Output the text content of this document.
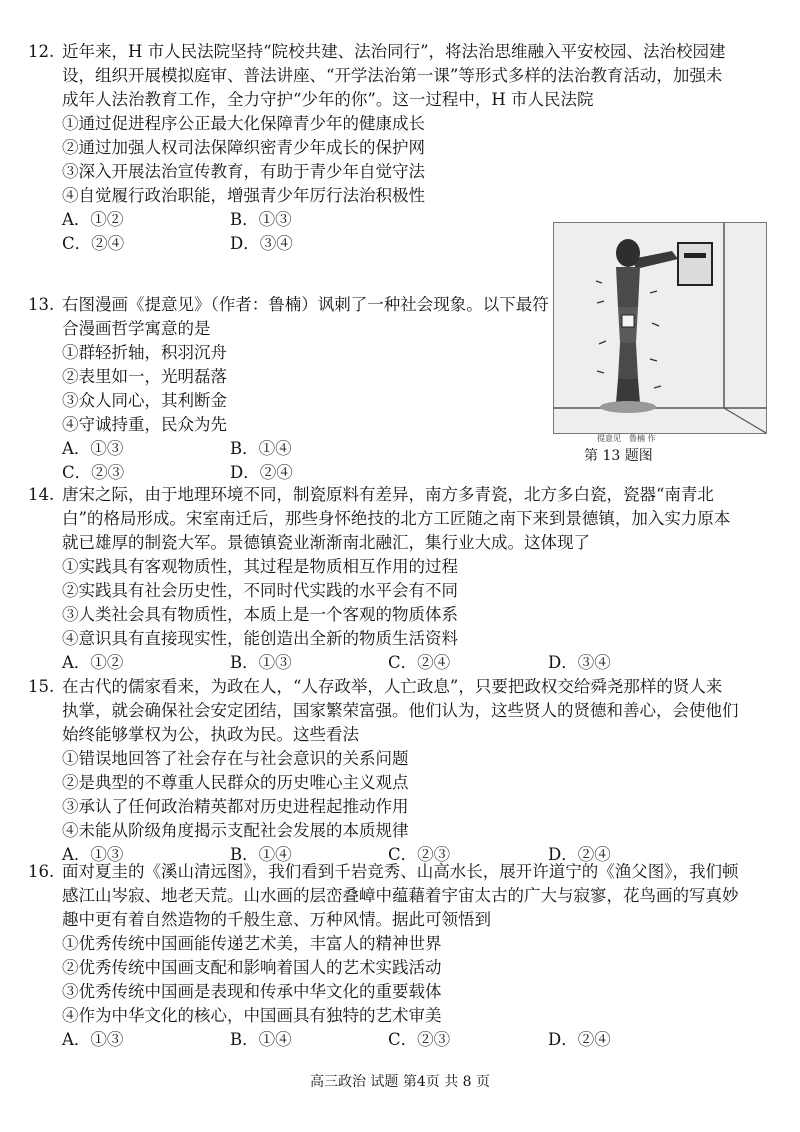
12. 近年来，H 市人民法院坚持“院校共建、法治同行”，将法治思维融入平安校园、法治校园建
设，组织开展模拟庭审、普法讲座、“开学法治第一课”等形式多样的法治教育活动，加强未
成年人法治教育工作，全力守护“少年的你”。这一过程中，H 市人民法院
①通过促进程序公正最大化保障青少年的健康成长
②通过加强人权司法保障织密青少年成长的保护网
③深入开展法治宣传教育，有助于青少年自觉守法
④自觉履行政治职能，增强青少年厉行法治积极性
A．①②	B．①③
C．②④	D．③④
13. 右图漫画《提意见》（作者：鲁楠）讽刺了一种社会现象。以下最符
合漫画哲学寓意的是
①群轻折轴，积羽沉舟
②表里如一，光明磊落
③众人同心，其利断金
④守诚持重，民众为先
A．①③	B．①④
C．②③	D．②④
提意见　鲁楠 作
第 13 题图
14. 唐宋之际，由于地理环境不同，制瓷原料有差异，南方多青瓷，北方多白瓷，瓷器“南青北
白”的格局形成。宋室南迁后，那些身怀绝技的北方工匠随之南下来到景德镇，加入实力原本
就已雄厚的制瓷大军。景德镇瓷业渐渐南北融汇，集行业大成。这体现了
①实践具有客观物质性，其过程是物质相互作用的过程
②实践具有社会历史性，不同时代实践的水平会有不同
③人类社会具有物质性，本质上是一个客观的物质体系
④意识具有直接现实性，能创造出全新的物质生活资料
A．①②	B．①③	C．②④	D．③④
15. 在古代的儒家看来，为政在人，“人存政举，人亡政息”，只要把政权交给舜尧那样的贤人来
执掌，就会确保社会安定团结，国家繁荣富强。他们认为，这些贤人的贤德和善心，会使他们
始终能够掌权为公，执政为民。这些看法
①错误地回答了社会存在与社会意识的关系问题
②是典型的不尊重人民群众的历史唯心主义观点
③承认了任何政治精英都对历史进程起推动作用
④未能从阶级角度揭示支配社会发展的本质规律
A．①③	B．①④	C．②③	D．②④
16. 面对夏圭的《溪山清远图》，我们看到千岩竞秀、山高水长，展开许道宁的《渔父图》，我们顿
感江山岑寂、地老天荒。山水画的层峦叠嶂中蕴藉着宇宙太古的广大与寂寥，花鸟画的写真妙
趣中更有着自然造物的千般生意、万种风情。据此可领悟到
①优秀传统中国画能传递艺术美，丰富人的精神世界
②优秀传统中国画支配和影响着国人的艺术实践活动
③优秀传统中国画是表现和传承中华文化的重要载体
④作为中华文化的核心，中国画具有独特的艺术审美
A．①③	B．①④	C．②③	D．②④
高三政治 试题 第4页 共 8 页
